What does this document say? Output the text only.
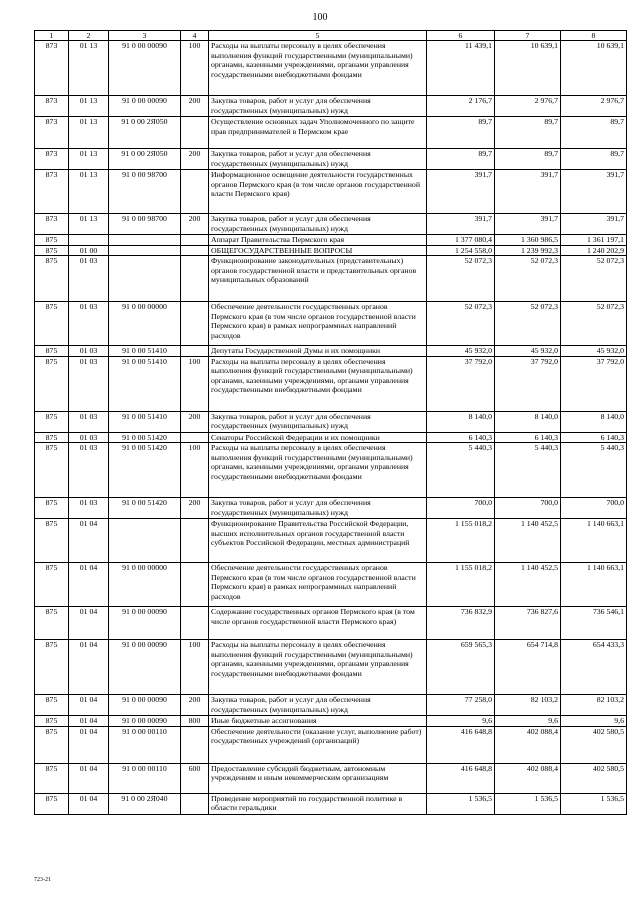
100
1	2	3	4	5	6	7	8
873	01 13	91 0 00 00090	100	Расходы на выплаты персоналу в целях обеспечения выполнения функций государственными (муниципальными) органами, казенными учреждениями, органами управления государственными внебюджетными фондами	11 439,1	10 639,1	10 639,1
873	01 13	91 0 00 00090	200	Закупка товаров, работ и услуг для обеспечения государственных (муниципальных) нужд	2 176,7	2 976,7	2 976,7
873	01 13	91 0 00 2Я050		Осуществление основных задач Уполномоченного по защите прав предпринимателей в Пермском крае	89,7	89,7	89,7
873	01 13	91 0 00 2Я050	200	Закупка товаров, работ и услуг для обеспечения государственных (муниципальных) нужд	89,7	89,7	89,7
873	01 13	91 0 00 98700		Информационное освещение деятельности государственных органов Пермского края (в том числе органов государственной власти Пермского края)	391,7	391,7	391,7
873	01 13	91 0 00 98700	200	Закупка товаров, работ и услуг для обеспечения государственных (муниципальных) нужд	391,7	391,7	391,7
875				Аппарат Правительства Пермского края	1 377 080,4	1 360 986,5	1 361 197,1
875	01 00			ОБЩЕГОСУДАРСТВЕННЫЕ ВОПРОСЫ	1 254 558,0	1 239 992,3	1 240 202,9
875	01 03			Функционирование законодательных (представительных) органов государственной власти и представительных органов муниципальных образований	52 072,3	52 072,3	52 072,3
875	01 03	91 0 00 00000		Обеспечение деятельности государственных органов Пермского края (в том числе органов государственной власти Пермского края) в рамках непрограммных направлений расходов	52 072,3	52 072,3	52 072,3
875	01 03	91 0 00 51410		Депутаты Государственной Думы и их помощники	45 932,0	45 932,0	45 932,0
875	01 03	91 0 00 51410	100	Расходы на выплаты персоналу в целях обеспечения выполнения функций государственными (муниципальными) органами, казенными учреждениями, органами управления государственными внебюджетными фондами	37 792,0	37 792,0	37 792,0
875	01 03	91 0 00 51410	200	Закупка товаров, работ и услуг для обеспечения государственных (муниципальных) нужд	8 140,0	8 140,0	8 140,0
875	01 03	91 0 00 51420		Сенаторы Российской Федерации и их помощники	6 140,3	6 140,3	6 140,3
875	01 03	91 0 00 51420	100	Расходы на выплаты персоналу в целях обеспечения выполнения функций государственными (муниципальными) органами, казенными учреждениями, органами управления государственными внебюджетными фондами	5 440,3	5 440,3	5 440,3
875	01 03	91 0 00 51420	200	Закупка товаров, работ и услуг для обеспечения государственных (муниципальных) нужд	700,0	700,0	700,0
875	01 04			Функционирование Правительства Российской Федерации, высших исполнительных органов государственной власти субъектов Российской Федерации, местных администраций	1 155 018,2	1 140 452,5	1 140 663,1
875	01 04	91 0 00 00000		Обеспечение деятельности государственных органов Пермского края (в том числе органов государственной власти Пермского края) в рамках непрограммных направлений расходов	1 155 018,2	1 140 452,5	1 140 663,1
875	01 04	91 0 00 00090		Содержание государственных органов Пермского края (в том числе органов государственной власти Пермского края)	736 832,9	736 827,6	736 546,1
875	01 04	91 0 00 00090	100	Расходы на выплаты персоналу в целях обеспечения выполнения функций государственными (муниципальными) органами, казенными учреждениями, органами управления государственными внебюджетными фондами	659 565,3	654 714,8	654 433,3
875	01 04	91 0 00 00090	200	Закупка товаров, работ и услуг для обеспечения государственных (муниципальных) нужд	77 258,0	82 103,2	82 103,2
875	01 04	91 0 00 00090	800	Иные бюджетные ассигнования	9,6	9,6	9,6
875	01 04	91 0 00 00110		Обеспечение деятельности (оказание услуг, выполнение работ) государственных учреждений (организаций)	416 648,8	402 088,4	402 580,5
875	01 04	91 0 00 00110	600	Предоставление субсидий бюджетным, автономным учреждениям и иным некоммерческим организациям	416 648,8	402 088,4	402 580,5
875	01 04	91 0 00 2Я040		Проведение мероприятий по государственной политике в области геральдики	1 536,5	1 536,5	1 536,5
723-21
